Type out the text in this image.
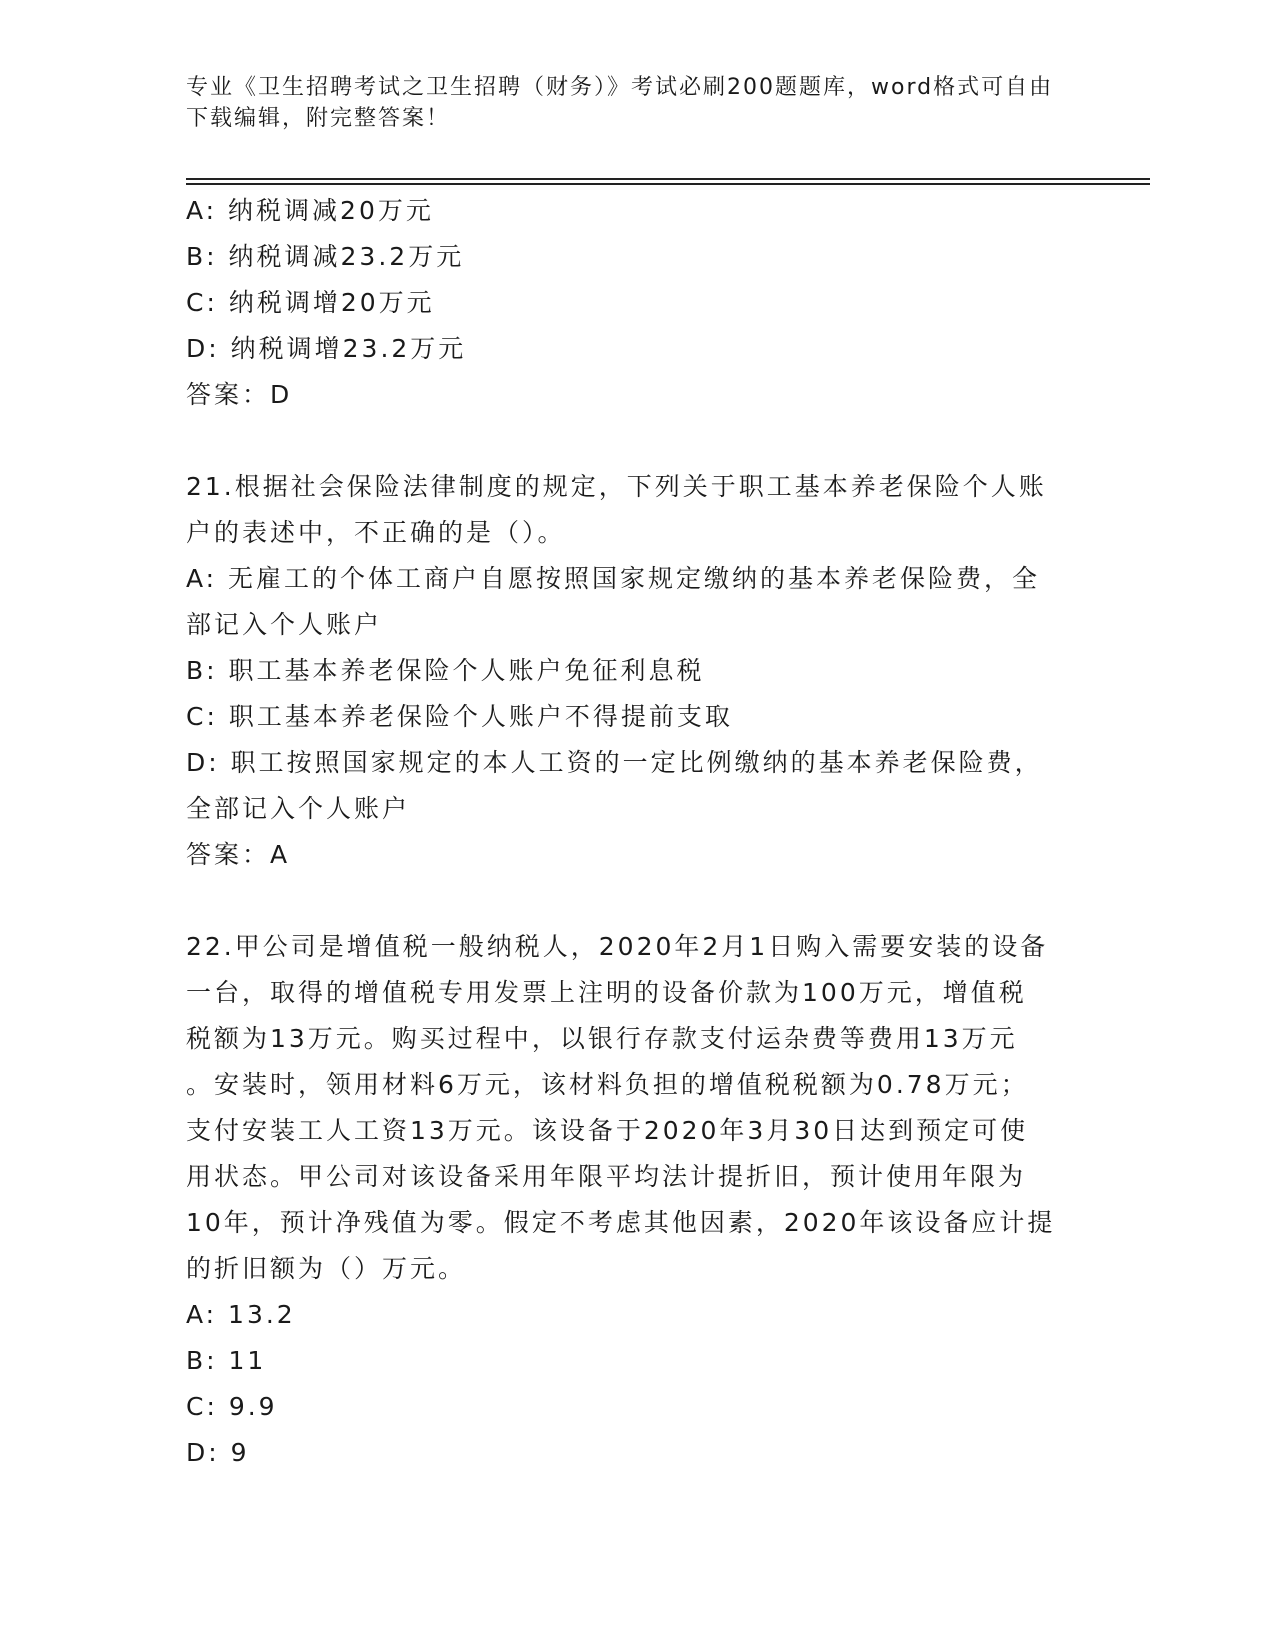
专业《卫生招聘考试之卫生招聘（财务）》考试必刷200题题库，word格式可自由下载编辑，附完整答案！
A: 纳税调减20万元
B: 纳税调减23.2万元
C: 纳税调增20万元
D: 纳税调增23.2万元
答案：D
21.根据社会保险法律制度的规定，下列关于职工基本养老保险个人账
户的表述中，不正确的是（）。
A: 无雇工的个体工商户自愿按照国家规定缴纳的基本养老保险费，全
部记入个人账户
B: 职工基本养老保险个人账户免征利息税
C: 职工基本养老保险个人账户不得提前支取
D: 职工按照国家规定的本人工资的一定比例缴纳的基本养老保险费，
全部记入个人账户
答案：A
22.甲公司是增值税一般纳税人，2020年2月1日购入需要安装的设备
一台，取得的增值税专用发票上注明的设备价款为100万元，增值税
税额为13万元。购买过程中，以银行存款支付运杂费等费用13万元
。安装时，领用材料6万元，该材料负担的增值税税额为0.78万元；
支付安装工人工资13万元。该设备于2020年3月30日达到预定可使
用状态。甲公司对该设备采用年限平均法计提折旧，预计使用年限为
10年，预计净残值为零。假定不考虑其他因素，2020年该设备应计提
的折旧额为（）万元。
A: 13.2
B: 11
C: 9.9
D: 9
